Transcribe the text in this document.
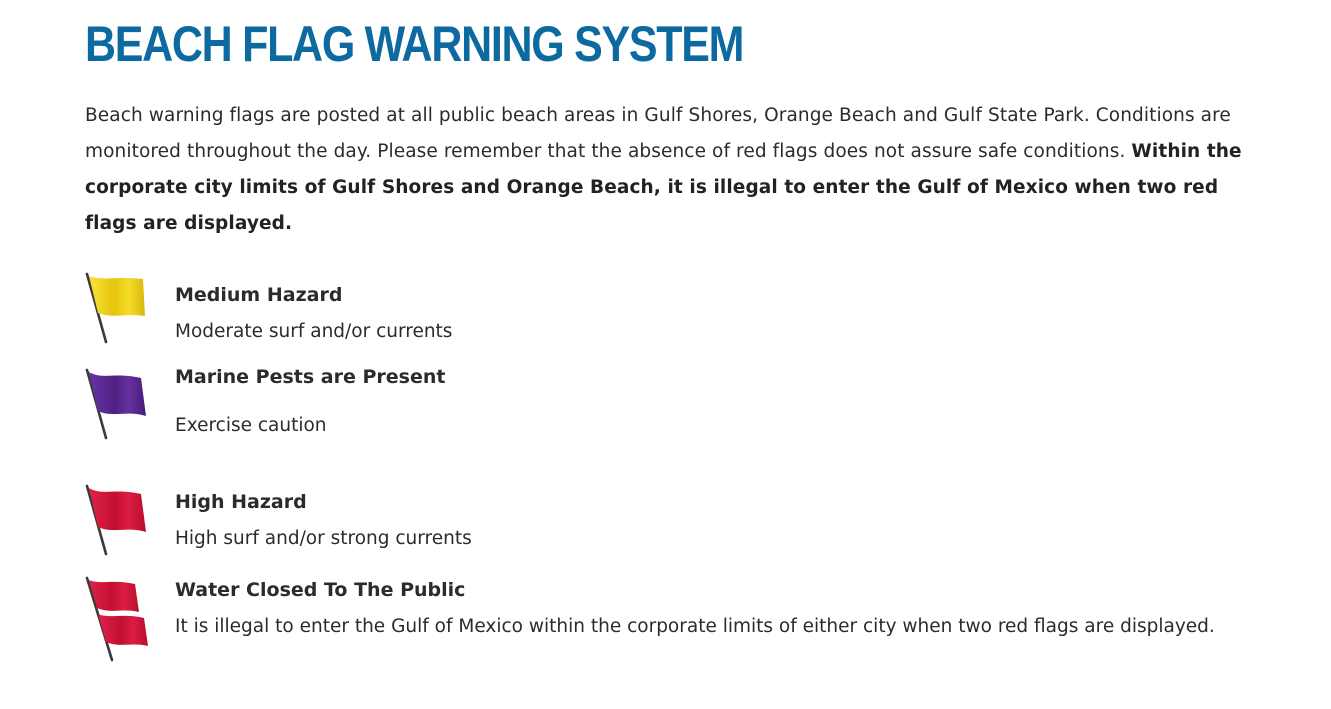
BEACH FLAG WARNING SYSTEM

Beach warning flags are posted at all public beach areas in Gulf Shores, Orange Beach and Gulf State Park. Conditions are monitored throughout the day. Please remember that the absence of red flags does not assure safe conditions. Within the corporate city limits of Gulf Shores and Orange Beach, it is illegal to enter the Gulf of Mexico when two red flags are displayed.

Medium Hazard

Moderate surf and/or currents

Marine Pests are Present

Exercise caution

High Hazard

High surf and/or strong currents

Water Closed To The Public

It is illegal to enter the Gulf of Mexico within the corporate limits of either city when two red flags are displayed.
